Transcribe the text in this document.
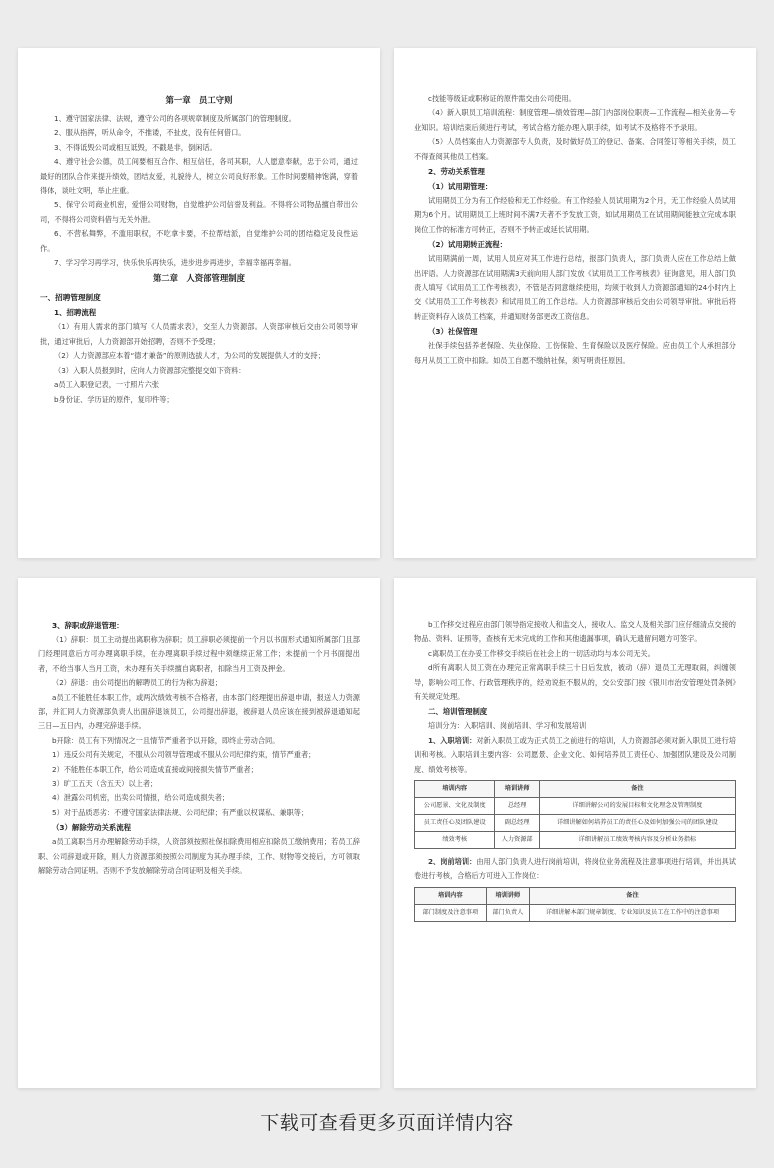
第一章　员工守则

1、遵守国家法律、法规，遵守公司的各项规章制度及所属部门的管理制度。

2、服从指挥，听从命令，不推诿，不扯皮，没有任何借口。

3、不得诋毁公司或相互诋毁，不戳是非，倒闲话。

4、遵守社会公德，员工间要相互合作、相互信任，各司其职，人人愿意奉献，忠于公司，通过最好的团队合作来提升绩效，团结友爱，礼貌待人，树立公司良好形象。工作时间要精神饱满，穿着得体，谈吐文明，举止庄重。

5、保守公司商业机密，爱惜公司财物，自觉维护公司信誉及利益。不得将公司物品擅自带出公司，不得将公司资料借与无关外泄。

6、不营私舞弊，不滥用职权，不吃拿卡要，不拉帮结派，自觉维护公司的团结稳定及良性运作。

7、学习学习再学习，快乐快乐再快乐，进步进步再进步，幸福幸福再幸福。

第二章　人资部管理制度

一、招聘管理制度

1、招聘流程

（1）有用人需求的部门填写《人员需求表》，交至人力资源部。人资部审核后交由公司领导审批，通过审批后，人力资源部开始招聘，否则不予受理；

（2）人力资源部应本着“德才兼备”的原则选拔人才，为公司的发展提供人才的支持；

（3）入职人员报到时，应向人力资源部完整提交如下资料：

a员工入职登记表，一寸照片六张

b身份证、学历证的原件，复印件等；

c技能等级证或职称证的原件需交由公司使用。

（4）新入职员工培训流程：制度管理—绩效管理—部门内部岗位职责—工作流程—相关业务—专业知识。培训结束后须进行考试，考试合格方能办理入职手续，如考试不及格将不予录用。

（5）人员档案由人力资源部专人负责，及时做好员工的登记、备案、合同签订等相关手续，员工不得查阅其他员工档案。

2、劳动关系管理

（1）试用期管理：

试用期员工分为有工作经验和无工作经验。有工作经验人员试用期为2个月，无工作经验人员试用期为6个月。试用期员工上班时间不满7天者不予发放工资，如试用期员工在试用期间能独立完成本职岗位工作的标准方可转正，否则不予转正或延长试用期。

（2）试用期转正流程：

试用期满前一周，试用人员应对其工作进行总结，报部门负责人，部门负责人应在工作总结上做出评语。人力资源部在试用期满3天前向用人部门发放《试用员工工作考核表》征询意见，用人部门负责人填写《试用员工工作考核表》，不管是否同意继续使用，均须于收到人力资源部通知的24小时内上交《试用员工工作考核表》和试用员工的工作总结。人力资源部审核后交由公司领导审批。审批后将转正资料存入该员工档案，并通知财务部更改工资信息。

（3）社保管理

社保手续包括养老保险、失业保险、工伤保险、生育保险以及医疗保险。应由员工个人承担部分每月从员工工资中扣除。如员工自愿不缴纳社保，须写明责任原因。

3、辞职或辞退管理：

（1）辞职：员工主动提出离职称为辞职；员工辞职必须提前一个月以书面形式通知所属部门且部门经理同意后方可办理离职手续，在办理离职手续过程中须继续正常工作；未提前一个月书面提出者，不给当事人当月工资，未办理有关手续擅自离职者，扣除当月工资及押金。

（2）辞退：由公司提出的解聘员工的行为称为辞退；

a员工不能胜任本职工作，或两次绩效考核不合格者，由本部门经理提出辞退申请，报送人力资源部，并汇同人力资源部负责人出面辞退该员工，公司提出辞退，被辞退人员应该在接到被辞退通知起三日—五日内，办理完辞退手续。

b开除：员工有下列情况之一且情节严重者予以开除，即终止劳动合同。

1）违反公司有关规定，不服从公司领导管理或不服从公司纪律约束，情节严重者；

2）不能胜任本职工作，给公司造成直接或间接损失情节严重者；

3）旷工五天（含五天）以上者；

4）泄露公司机密，出卖公司情报，给公司造成损失者；

5）对于品质恶劣：不遵守国家法律法规、公司纪律；有严重以权谋私、兼职等；

（3）解除劳动关系流程

a员工离职当月办理解除劳动手续，人资部须按照社保扣除费用相应扣除员工缴纳费用；若员工辞职、公司辞退或开除，则人力资源部须按照公司制度为其办理手续，工作、财物等交接后，方可领取解除劳动合同证明。否则不予发放解除劳动合同证明及相关手续。

b工作移交过程应由部门领导指定接收人和监交人，接收人、监交人及相关部门应仔细清点交接的物品、资料、证照等，查核有无未完成的工作和其他遗漏事项，确认无遗留问题方可签字。

c离职员工在办妥工作移交手续后在社会上的一切活动均与本公司无关。

d所有离职人员工资在办理完正常离职手续三十日后发放，被动（辞）退员工无理取闹，纠缠领导，影响公司工作、行政管理秩序的，经劝说拒不服从的，交公安部门按《银川市治安管理处罚条例》有关规定处理。

二、培训管理制度

培训分为：入职培训、岗前培训、学习和发展培训

1、入职培训：对新入职员工或为正式员工之前进行的培训，人力资源部必须对新入职员工进行培训和考核。入职培训主要内容：公司愿景、企业文化、如何培养员工责任心、加强团队建设及公司制度、绩效考核等。

培训内容	培训讲师	备注
公司愿景、文化及制度	总经理	详细讲解公司的发展目标和文化理念及管理制度
员工责任心及团队建设	副总经理	详细讲解如何培养员工的责任心及如何加强公司的团队建设
绩效考核	人力资源部	详细讲解员工绩效考核内容及分析业务指标

2、岗前培训：由用人部门负责人进行岗前培训，将岗位业务流程及注意事项进行培训，并出具试卷进行考核，合格后方可进入工作岗位：

培训内容	培训讲师	备注
部门制度及注意事项	部门负责人	详细讲解本部门规章制度、专业知识及员工在工作中的注意事项
下载可查看更多页面详情内容
